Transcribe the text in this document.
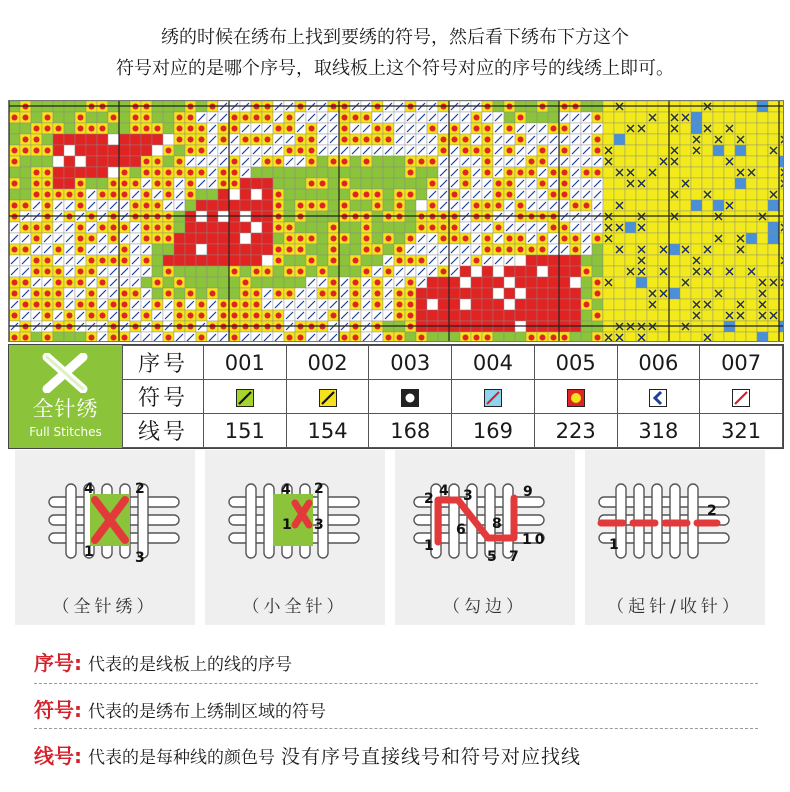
绣的时候在绣布上找到要绣的符号，然后看下绣布下方这个
符号对应的是哪个序号，取线板上这个符号对应的序号的线绣上即可。
全针绣
Full Stitches
序号	001	002	003	004	005	006	007
符号							
线号	151	154	168	169	223	318	321
4	2
1	3
4 2
1 3
2 4 3	9
6 8
1
5 7
10
2
1
（全针绣）	（小全针）	（勾边）	（起针/收针）
序号: 代表的是线板上的线的序号
符号: 代表的是绣布上绣制区域的符号
线号: 代表的是每种线的颜色号 没有序号直接线号和符号对应找线
